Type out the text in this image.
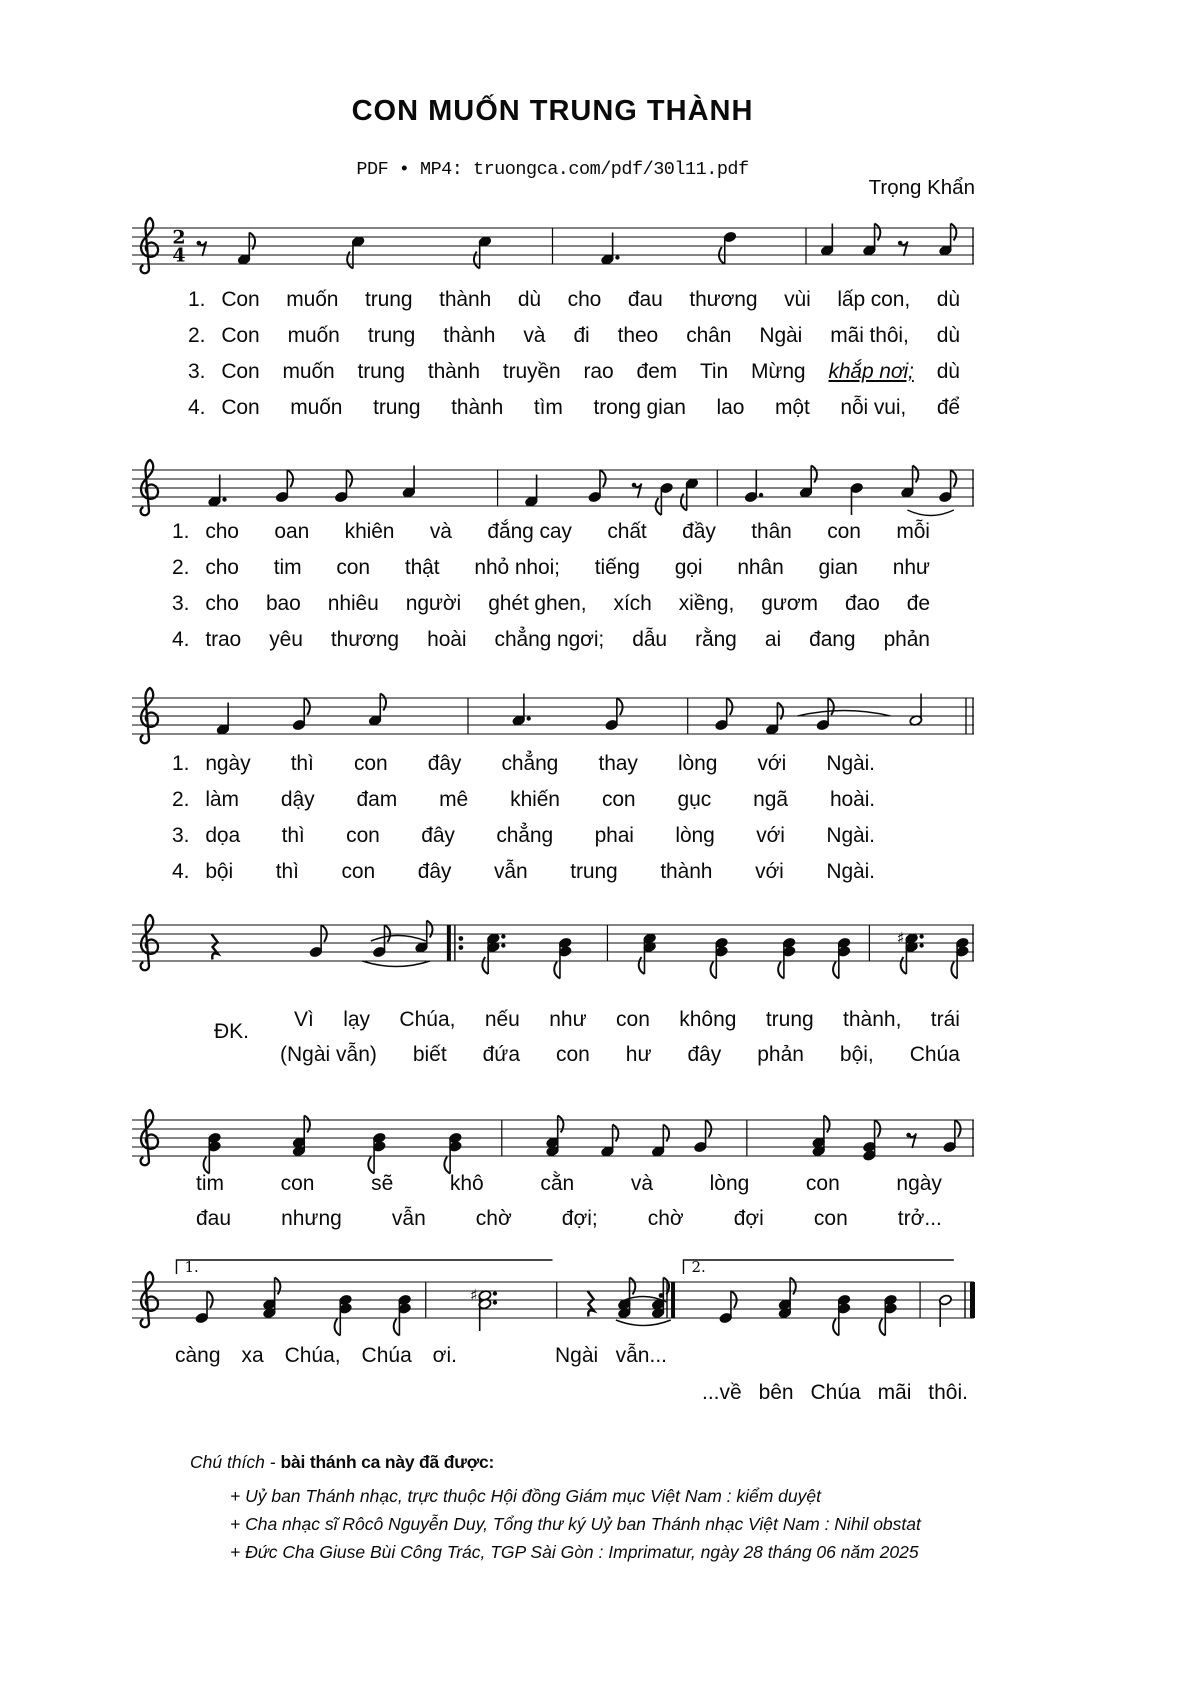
CON MUỐN TRUNG THÀNH
PDF • MP4: truongca.com/pdf/30l11.pdf
Trọng Khẩn
2
4
1. Con muốn trung thành dù cho đau thương vùi lấp con, dù
2. Con muốn trung thành và đi theo chân Ngài mãi thôi, dù
3. Con muốn trung thành truyền rao đem Tin Mừng khắp nơi; dù
4. Con muốn trung thành tìm trong gian lao một nỗi vui, để
1. cho oan khiên và đắng cay chất đầy thân con mỗi
2. cho tim con thật nhỏ nhoi; tiếng gọi nhân gian như
3. cho bao nhiêu người ghét ghen, xích xiềng, gươm đao đe
4. trao yêu thương hoài chẳng ngơi; dẫu rằng ai đang phản
1. ngày thì con đây chẳng thay lòng với Ngài.
2. làm dậy đam mê khiến con gục ngã hoài.
3. dọa thì con đây chẳng phai lòng với Ngài.
4. bội thì con đây vẫn trung thành với Ngài.
♯
ĐK.
Vì lạy Chúa, nếu như con không trung thành, trái
(Ngài vẫn) biết đứa con hư đây phản bội, Chúa
tim	con	sẽ	khô	cằn	và	lòng	con	ngày
đau nhưng vẫn chờ đợi; chờ đợi con trở...
1.	2.
♯
càng xa Chúa, Chúa ơi.	Ngài vẫn...
...về bên Chúa mãi thôi.
Chú thích - bài thánh ca này đã được:
+ Uỷ ban Thánh nhạc, trực thuộc Hội đồng Giám mục Việt Nam : kiểm duyệt
+ Cha nhạc sĩ Rôcô Nguyễn Duy, Tổng thư ký Uỷ ban Thánh nhạc Việt Nam : Nihil obstat
+ Đức Cha Giuse Bùi Công Trác, TGP Sài Gòn : Imprimatur, ngày 28 tháng 06 năm 2025
